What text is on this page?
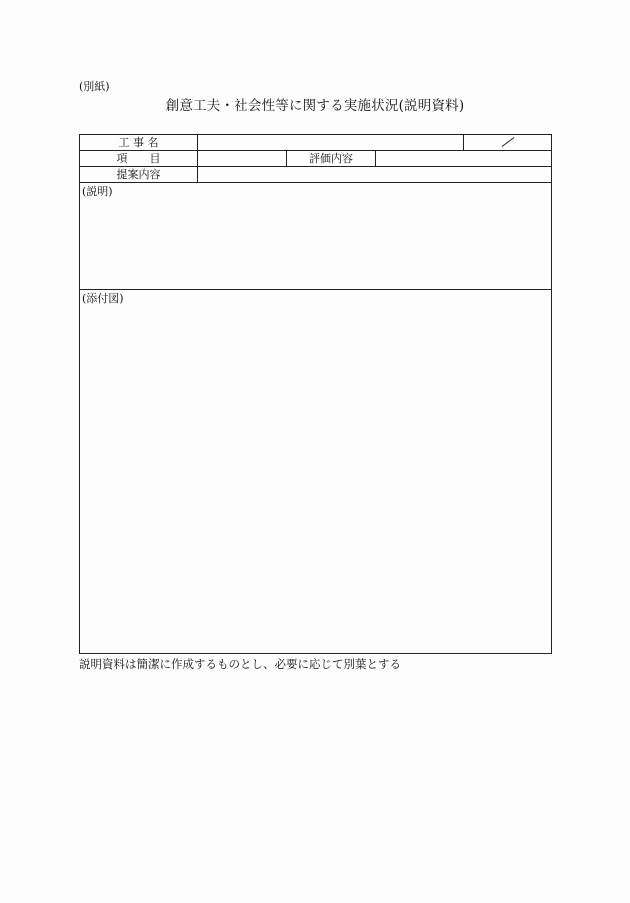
(別紙)
創意工夫・社会性等に関する実施状況(説明資料)
工 事 名
項　　目	評価内容
提案内容
(説明)
(添付図)
説明資料は簡潔に作成するものとし、必要に応じて別葉とする
